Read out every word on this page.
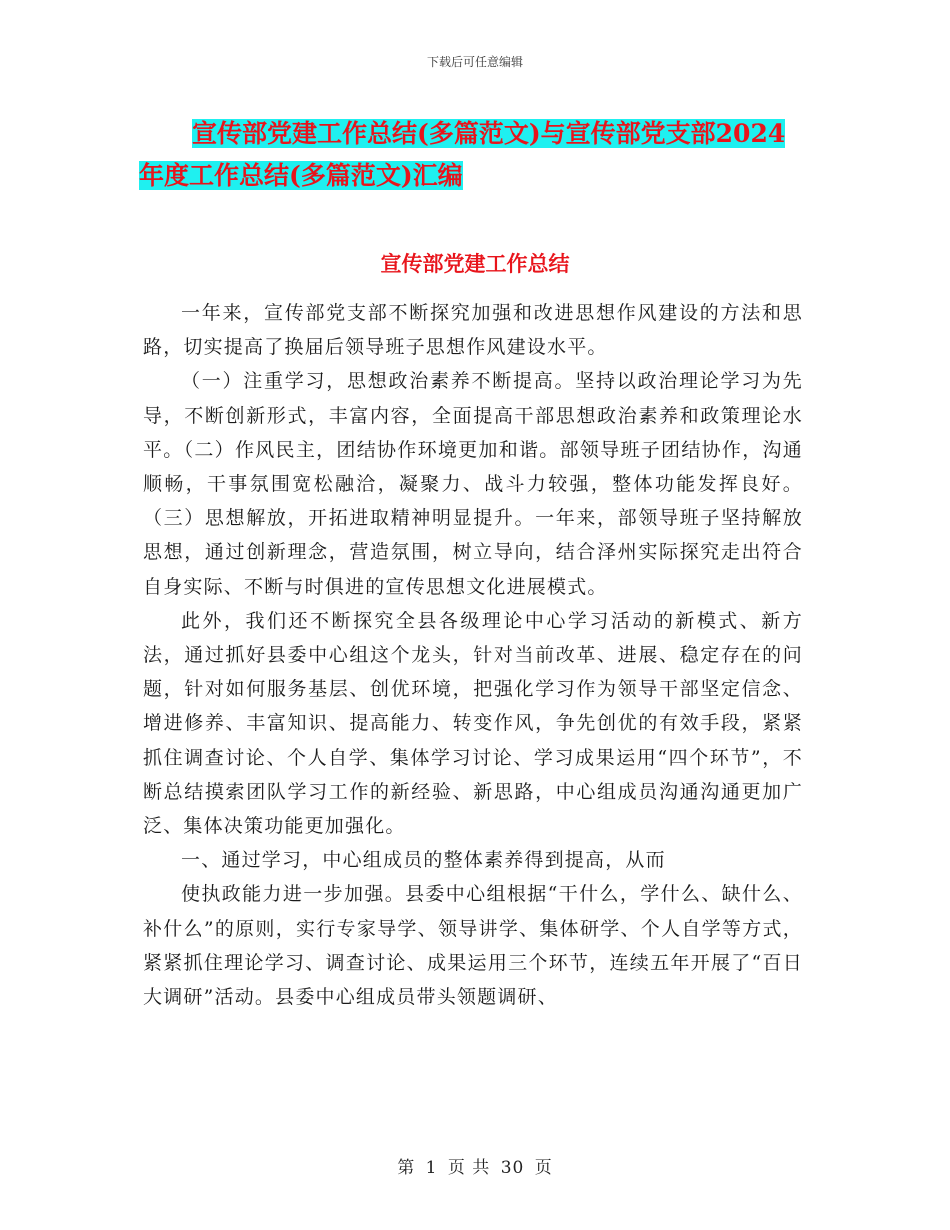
下载后可任意编辑
宣传部党建工作总结(多篇范文)与宣传部党支部2024
年度工作总结(多篇范文)汇编
宣传部党建工作总结

一年来，宣传部党支部不断探究加强和改进思想作风建设的方法和思路，切实提高了换届后领导班子思想作风建设水平。

（一）注重学习，思想政治素养不断提高。坚持以政治理论学习为先导，不断创新形式，丰富内容，全面提高干部思想政治素养和政策理论水平。（二）作风民主，团结协作环境更加和谐。部领导班子团结协作，沟通顺畅，干事氛围宽松融洽，凝聚力、战斗力较强，整体功能发挥良好。（三）思想解放，开拓进取精神明显提升。一年来，部领导班子坚持解放思想，通过创新理念，营造氛围，树立导向，结合泽州实际探究走出符合自身实际、不断与时俱进的宣传思想文化进展模式。

此外，我们还不断探究全县各级理论中心学习活动的新模式、新方法，通过抓好县委中心组这个龙头，针对当前改革、进展、稳定存在的问题，针对如何服务基层、创优环境，把强化学习作为领导干部坚定信念、增进修养、丰富知识、提高能力、转变作风，争先创优的有效手段，紧紧抓住调查讨论、个人自学、集体学习讨论、学习成果运用“四个环节”，不断总结摸索团队学习工作的新经验、新思路，中心组成员沟通沟通更加广泛、集体决策功能更加强化。

一、通过学习，中心组成员的整体素养得到提高，从而

使执政能力进一步加强。县委中心组根据“干什么，学什么、缺什么、补什么”的原则，实行专家导学、领导讲学、集体研学、个人自学等方式，紧紧抓住理论学习、调查讨论、成果运用三个环节，连续五年开展了“百日大调研”活动。县委中心组成员带头领题调研、

第 1 页 共 30 页
